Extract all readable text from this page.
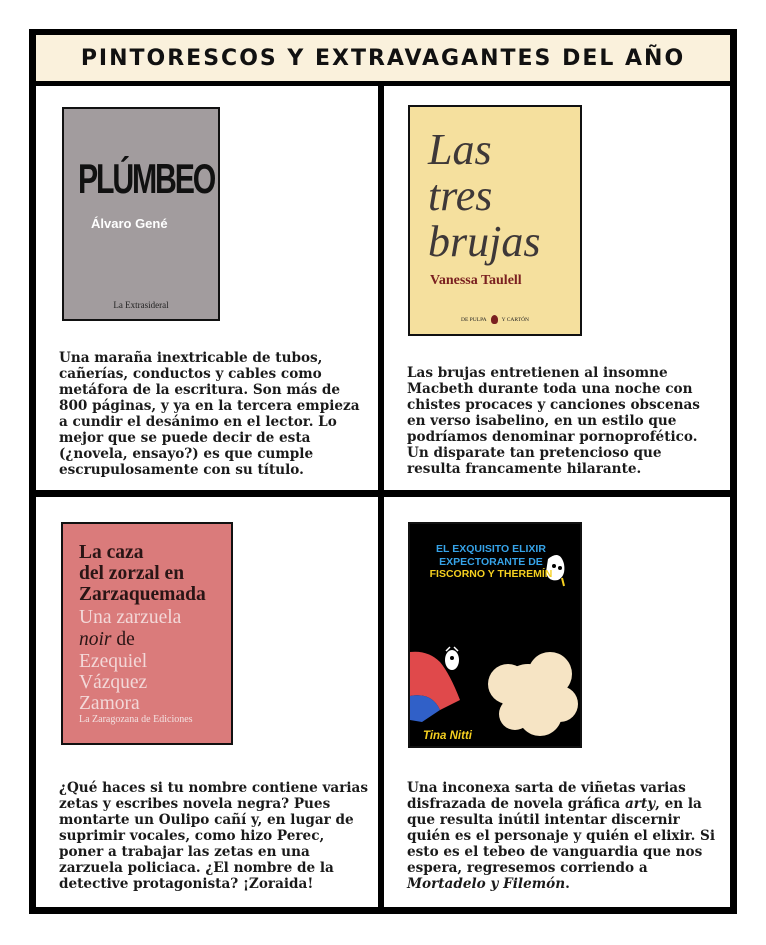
PINTORESCOS Y EXTRAVAGANTES DEL AÑO
PLÚMBEO
Álvaro Gené
La Extrasideral
Una maraña inextricable de tubos, cañerías, conductos y cables como metáfora de la escritura. Son más de 800 páginas, y ya en la tercera empieza a cundir el desánimo en el lector. Lo mejor que se puede decir de esta (¿novela, ensayo?) es que cumple escrupulosamente con su título.
Las
tres
brujas
Vanessa Taulell
DE PULPA	Y CARTÓN
Las brujas entretienen al insomne Macbeth durante toda una noche con chistes procaces y canciones obscenas en verso isabelino, en un estilo que podríamos denominar pornoprofético. Un disparate tan pretencioso que resulta francamente hilarante.
La caza
del zorzal en
Zarzaquemada
Una zarzuela
noir de
Ezequiel
Vázquez
Zamora
La Zaragozana de Ediciones
¿Qué haces si tu nombre contiene varias zetas y escribes novela negra? Pues montarte un Oulipo cañí y, en lugar de suprimir vocales, como hizo Perec, poner a trabajar las zetas en una zarzuela policiaca. ¿El nombre de la detective protagonista? ¡Zoraida!
EL EXQUISITO ELIXIR EXPECTORANTE DE FISCORNO Y THEREMÍN
Tina Nitti
Una inconexa sarta de viñetas varias disfrazada de novela gráfica arty, en la que resulta inútil intentar discernir quién es el personaje y quién el elixir. Si esto es el tebeo de vanguardia que nos espera, regresemos corriendo a Mortadelo y Filemón.
